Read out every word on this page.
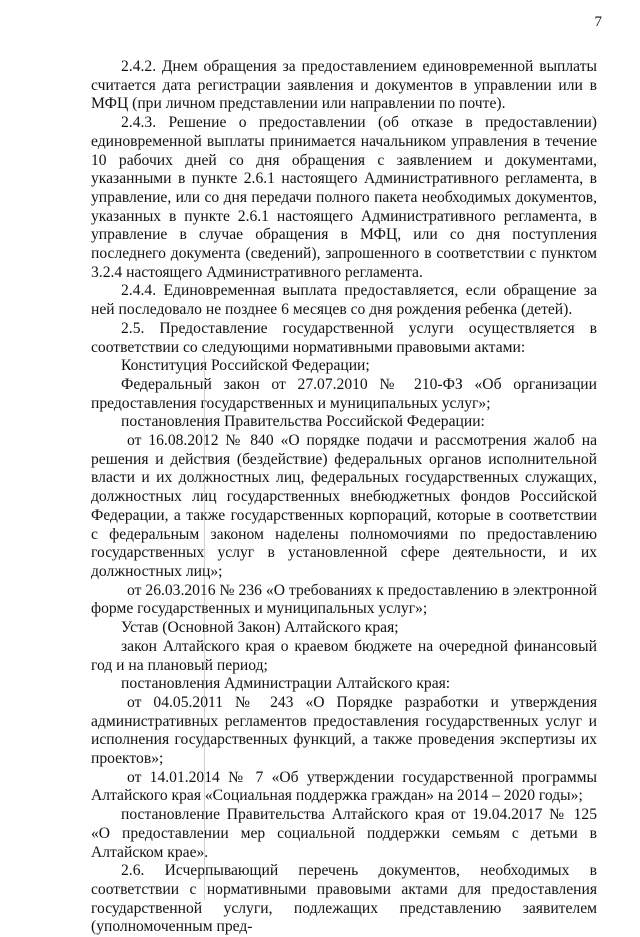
7

2.4.2. Днем обращения за предоставлением единовременной выплаты считается дата регистрации заявления и документов в управлении или в МФЦ (при личном представлении или направлении по почте).

2.4.3. Решение о предоставлении (об отказе в предоставлении) единовременной выплаты принимается начальником управления в течение 10 рабочих дней со дня обращения с заявлением и документами, указанными в пункте 2.6.1 настоящего Административного регламента, в управление, или со дня передачи полного пакета необходимых документов, указанных в пункте 2.6.1 настоящего Административного регламента, в управление в случае обращения в МФЦ, или со дня поступления последнего документа (сведений), запрошенного в соответствии с пунктом 3.2.4 настоящего Административного регламента.

2.4.4. Единовременная выплата предоставляется, если обращение за ней последовало не позднее 6 месяцев со дня рождения ребенка (детей).

2.5. Предоставление государственной услуги осуществляется в соответствии со следующими нормативными правовыми актами:

Конституция Российской Федерации;

Федеральный закон от 27.07.2010 № 210-ФЗ «Об организации предоставления государственных и муниципальных услуг»;

постановления Правительства Российской Федерации:

от 16.08.2012 № 840 «О порядке подачи и рассмотрения жалоб на решения и действия (бездействие) федеральных органов исполнительной власти и их должностных лиц, федеральных государственных служащих, должностных лиц государственных внебюджетных фондов Российской Федерации, а также государственных корпораций, которые в соответствии с федеральным законом наделены полномочиями по предоставлению государственных услуг в установленной сфере деятельности, и их должностных лиц»;

от 26.03.2016 № 236 «О требованиях к предоставлению в электронной форме государственных и муниципальных услуг»;

Устав (Основной Закон) Алтайского края;

закон Алтайского края о краевом бюджете на очередной финансовый год и на плановый период;

постановления Администрации Алтайского края:

от 04.05.2011 № 243 «О Порядке разработки и утверждения административных регламентов предоставления государственных услуг и исполнения государственных функций, а также проведения экспертизы их проектов»;

от 14.01.2014 № 7 «Об утверждении государственной программы Алтайского края «Социальная поддержка граждан» на 2014 – 2020 годы»;

постановление Правительства Алтайского края от 19.04.2017 № 125 «О предоставлении мер социальной поддержки семьям с детьми в Алтайском крае».

2.6. Исчерпывающий перечень документов, необходимых в соответствии с нормативными правовыми актами для предоставления государственной услуги, подлежащих представлению заявителем (уполномоченным пред-
